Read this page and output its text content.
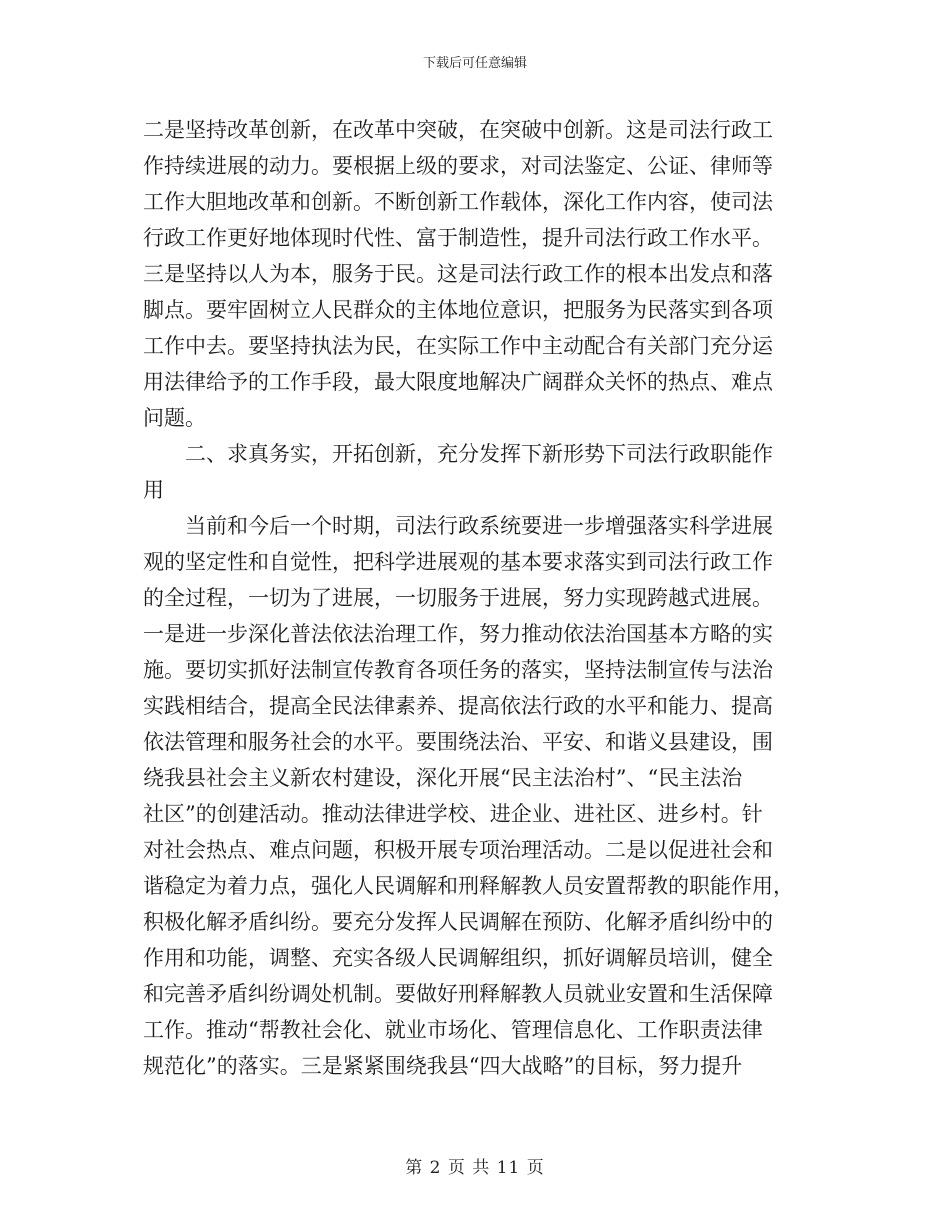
下载后可任意编辑
二是坚持改革创新，在改革中突破，在突破中创新。这是司法行政工
作持续进展的动力。要根据上级的要求，对司法鉴定、公证、律师等
工作大胆地改革和创新。不断创新工作载体，深化工作内容，使司法
行政工作更好地体现时代性、富于制造性，提升司法行政工作水平。
三是坚持以人为本，服务于民。这是司法行政工作的根本出发点和落
脚点。要牢固树立人民群众的主体地位意识，把服务为民落实到各项
工作中去。要坚持执法为民，在实际工作中主动配合有关部门充分运
用法律给予的工作手段，最大限度地解决广阔群众关怀的热点、难点
问题。
二、求真务实，开拓创新，充分发挥下新形势下司法行政职能作
用
当前和今后一个时期，司法行政系统要进一步增强落实科学进展
观的坚定性和自觉性，把科学进展观的基本要求落实到司法行政工作
的全过程，一切为了进展，一切服务于进展，努力实现跨越式进展。
一是进一步深化普法依法治理工作，努力推动依法治国基本方略的实
施。要切实抓好法制宣传教育各项任务的落实，坚持法制宣传与法治
实践相结合，提高全民法律素养、提高依法行政的水平和能力、提高
依法管理和服务社会的水平。要围绕法治、平安、和谐义县建设，围
绕我县社会主义新农村建设，深化开展“民主法治村”、“民主法治
社区”的创建活动。推动法律进学校、进企业、进社区、进乡村。针
对社会热点、难点问题，积极开展专项治理活动。二是以促进社会和
谐稳定为着力点，强化人民调解和刑释解教人员安置帮教的职能作用，
积极化解矛盾纠纷。要充分发挥人民调解在预防、化解矛盾纠纷中的
作用和功能，调整、充实各级人民调解组织，抓好调解员培训，健全
和完善矛盾纠纷调处机制。要做好刑释解教人员就业安置和生活保障
工作。推动“帮教社会化、就业市场化、管理信息化、工作职责法律
规范化”的落实。三是紧紧围绕我县“四大战略”的目标，努力提升
第 2 页 共 11 页
